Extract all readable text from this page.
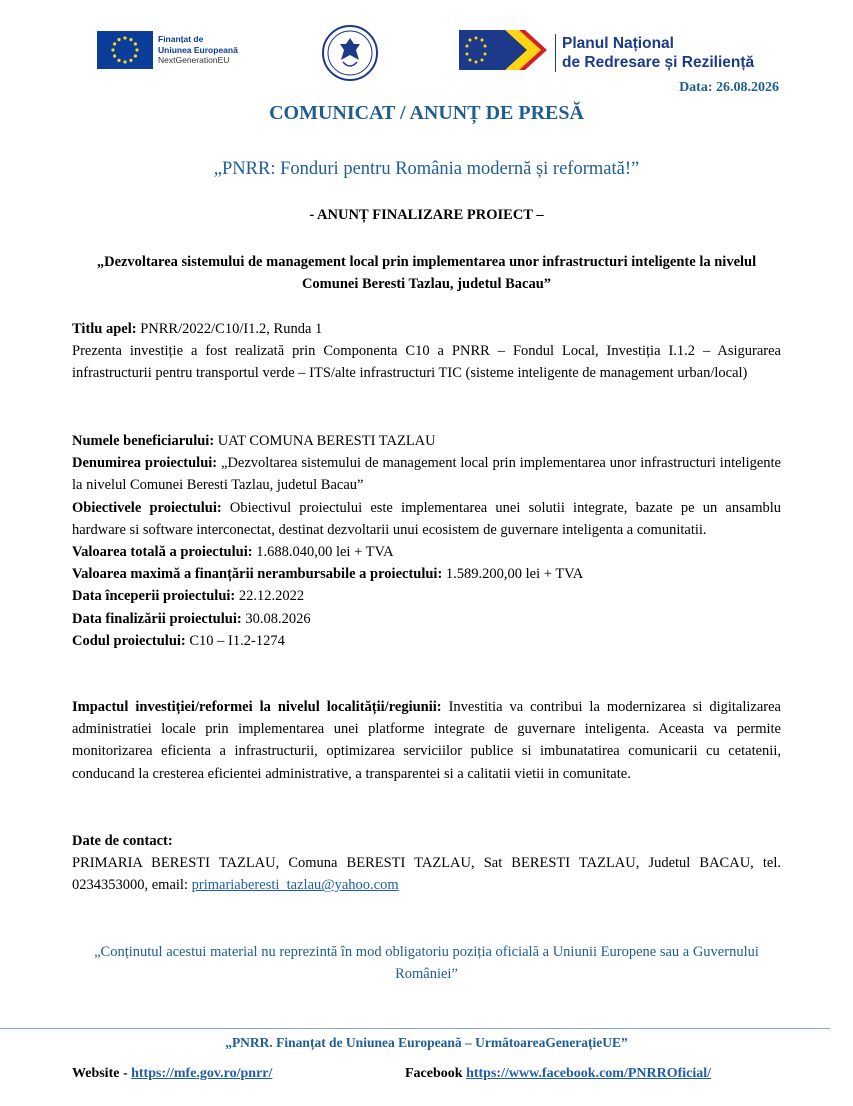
Finanțat de
Uniunea Europeană
NextGenerationEU
Planul Național
de Redresare și Reziliență
Data: 26.08.2026
COMUNICAT / ANUNȚ DE PRESĂ
„PNRR: Fonduri pentru România modernă și reformată!”
- ANUNȚ FINALIZARE PROIECT –
„Dezvoltarea sistemului de management local prin implementarea unor infrastructuri inteligente la nivelul Comunei Beresti Tazlau, judetul Bacau”
Titlu apel: PNRR/2022/C10/I1.2, Runda 1
Prezenta investiție a fost realizată prin Componenta C10 a PNRR – Fondul Local, Investiția I.1.2 – Asigurarea infrastructurii pentru transportul verde – ITS/alte infrastructuri TIC (sisteme inteligente de management urban/local)
Numele beneficiarului: UAT COMUNA BERESTI TAZLAU
Denumirea proiectului: „Dezvoltarea sistemului de management local prin implementarea unor infrastructuri inteligente la nivelul Comunei Beresti Tazlau, judetul Bacau”
Obiectivele proiectului: Obiectivul proiectului este implementarea unei solutii integrate, bazate pe un ansamblu hardware si software interconectat, destinat dezvoltarii unui ecosistem de guvernare inteligenta a comunitatii.
Valoarea totală a proiectului: 1.688.040,00 lei + TVA
Valoarea maximă a finanțării nerambursabile a proiectului: 1.589.200,00 lei + TVA
Data începerii proiectului: 22.12.2022
Data finalizării proiectului: 30.08.2026
Codul proiectului: C10 – I1.2-1274
Impactul investiției/reformei la nivelul localității/regiunii: Investitia va contribui la modernizarea si digitalizarea administratiei locale prin implementarea unei platforme integrate de guvernare inteligenta. Aceasta va permite monitorizarea eficienta a infrastructurii, optimizarea serviciilor publice si imbunatatirea comunicarii cu cetatenii, conducand la cresterea eficientei administrative, a transparentei si a calitatii vietii in comunitate.
Date de contact:
PRIMARIA BERESTI TAZLAU, Comuna BERESTI TAZLAU, Sat BERESTI TAZLAU, Judetul BACAU, tel. 0234353000, email: primariaberesti_tazlau@yahoo.com
„Conținutul acestui material nu reprezintă în mod obligatoriu poziția oficială a Uniunii Europene sau a Guvernului României”
„PNRR. Finanțat de Uniunea Europeană – UrmătoareaGenerațieUE”
Website - https://mfe.gov.ro/pnrr/	Facebook https://www.facebook.com/PNRROficial/
